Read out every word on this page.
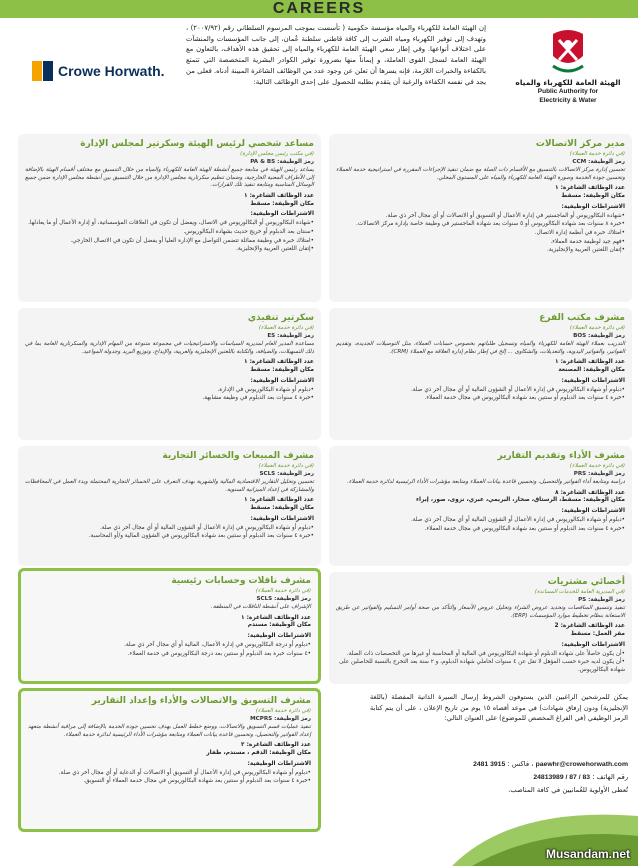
CAREERS
Crowe Horwath.
إن الهيئة العامة للكهرباء والمياه مؤسسة حكومية ( تأسست بموجب المرسوم السلطاني رقم (٢٠٠٧/٩٢) ، وتهدف إلى توفير الكهرباء ومياه الشرب إلى كافة قاطني سلطنة عُمان، إلى جانب المؤسسات والمنشآت على اختلاف أنواعها. وفي إطار سعي الهيئة العامة للكهرباء والمياه إلى تحقيق هذه الأهداف، بالتعاون مع الهيئة العامة لسجل القوى العاملة، و إيماناً منها بضرورة توفير الكوادر البشرية المتخصصة التي تتمتع بالكفاءة والخبرات اللازمة، فإنه يسرها أن تعلن عن وجود عدد من الوظائف الشاغرة المبينة أدناه. فعلى من يجد في نفسه الكفاءة والرغبة أن يتقدم بطلبه للحصول على إحدى الوظائف التالية:	الهيئة العامة للكهرباء والمياه
Public Authority for
Electricity & Water
مدير مركز الاتصالات
(في دائرة خدمة العملاء)
رمز الوظيفة: CCM
تحسين إدارة مركز الاتصالات بالتنسيق مع الأقسام ذات الصلة مع ضمان تنفيذ الإجراءات المقررة في استراتيجية خدمة العملاء وتحسين جودة الخدمة وصورة الهيئة العامة للكهرباء والمياه على المستوى المحلي.
عدد الوظائف الشاغرة: ١
مكان الوظيفة: مسقط
الاشتراطات الوظيفية:
•شهادة البكالوريوس أو الماجستير في إدارة الأعمال أو التسويق أو الاتصالات أو أي مجال آخر ذي صلة.
•خبرة ٨ سنوات بعد شهادة البكالوريوس أو ٥ سنوات بعد شهادة الماجستير في وظيفة خاصة بإدارة مركز الاتصالات.
•امتلاك خبرة في أنظمة إدارة الاتصال.
•فهم جيد لوظيفة خدمة العملاء.
•إتقان اللغتين العربية والإنجليزية.
مساعد شخصي لرئيس الهيئة وسكرتير لمجلس الإدارة
(في مكتب رئيس مجلس الإدارة)
رمز الوظيفة: PA & BS
يساعد رئيس الهيئة في متابعة جميع أنشطة الهيئة العامة للكهرباء والمياه من خلال التنسيق مع مختلف أقسام الهيئة بالإضافة إلى الأطراف المعنية الخارجية، وضمان تنظيم سكرتارية مجلس الإدارة من خلال التنسيق بين أنشطة مجلس الإدارة ضمن جميع الوسائل المناسبة ومتابعة تنفيذ تلك القرارات.
عدد الوظائف الشاغرة: ١
مكان الوظيفة: مسقط
الاشتراطات الوظيفية:
•شهادة البكالوريوس أو البكالوريوس في الاتصال، ويفضل أن تكون في العلاقات المؤسساتية، أو إدارة الأعمال أو ما يعادلها.
•سنتان بعد الدبلوم أو خريج حديث بشهادة البكالوريوس.
•امتلاك خبرة في وظيفة مماثلة تتضمن التواصل مع الإدارة العليا أو يفضل أن تكون في الاتصال الخارجي.
•إتقان اللغتين العربية والإنجليزية.
مشرف مكتب الفرع
(في دائرة خدمة العملاء)
رمز الوظيفة: BOS
التدريب بعملاء الهيئة العامة للكهرباء والمياه وتسجيل طلباتهم بخصوص حسابات العملاء، مثل التوصيلات الجديدة، وتقديم الفواتير، والفواتير اليدوية، والتعديلات، والشكاوى ... إلخ في إطار نظام إدارة العلاقة مع العملاء (CRM).
عدد الوظائف الشاغرة: ١
مكان الوظيفة: المصنعة
الاشتراطات الوظيفية:
•دبلوم أو شهادة البكالوريوس في إدارة الأعمال أو الشؤون المالية أو أي مجال آخر ذي صلة.
•خبرة ٤ سنوات بعد الدبلوم أو سنتين بعد شهادة البكالوريوس في مجال خدمة العملاء.
سكرتير تنفيذي
(في دائرة خدمة العملاء)
رمز الوظيفة: ES
مساعدة المدير العام لمديرية السياسات والاستراتيجيات في مجموعة متنوعة من المهام الإدارية والسكرتارية العامة بما في ذلك التسهيلات، والضيافة، والكتابة باللغتين الإنجليزية والعربية، والإيداع، وتوزيع البريد وجدولة المواعيد.
عدد الوظائف الشاغرة: ١
مكان الوظيفة: مسقط
الاشتراطات الوظيفية:
•دبلوم أو شهادة البكالوريوس في الإدارة.
•خبرة ٤ سنوات بعد الدبلوم في وظيفة مشابهة.
مشرف الأداء وتقديم التقارير
(في دائرة خدمة العملاء)
رمز الوظيفة: PRS
دراسة ومتابعة أداء الفواتير والتحصيل، وتحسين قاعدة بيانات العملاء ومتابعة مؤشرات الأداء الرئيسية لدائرة خدمة العملاء.
عدد الوظائف الشاغرة: ٨
مكان الوظيفة: مسقط، الرستاق، صحار، البريمي، عبري، نزوى، صور، إبراء
الاشتراطات الوظيفية:
•دبلوم أو شهادة البكالوريوس في إدارة الأعمال أو الشؤون المالية أو أي مجال آخر ذي صلة.
•خبرة ٤ سنوات بعد الدبلوم أو سنتين بعد شهادة البكالوريوس في مجال خدمة العملاء.
مشرف المبيعات والخسائر التجارية
(في دائرة خدمة العملاء)
رمز الوظيفة: SCLS
تحسين وتحليل التقارير الاقتصادية المالية والشهرية بهدف التعرف على الخسائر التجارية المحتملة وبدء العمل في المحافظات والمشاركة في إعداد الميزانية السنوية.
عدد الوظائف الشاغرة: ١
مكان الوظيفة: مسقط
الاشتراطات الوظيفية:
•دبلوم أو شهادة البكالوريوس في إدارة الأعمال أو الشؤون المالية أو أي مجال آخر ذي صلة.
•خبرة ٤ سنوات بعد الدبلوم أو سنتين بعد شهادة البكالوريوس في الشؤون المالية و/أو المحاسبة.
أخصائي مشتريات
(في المديرية العامة للخدمات المساندة)
رمز الوظيفة: PS
تنفيذ وتنسيق المناقصات وتحديد عروض الشراء وتحليل عروض الأسعار والتأكد من صحة أوامر التسليم والفواتير عن طريق الاستعانة بنظام تخطيط موارد المؤسسات (ERP).
عدد الوظائف الشاغرة: 2
مقر العمل: مسقط
الاشتراطات الوظيفية:
•أن يكون حاصلاً على شهادة الدبلوم أو شهادة البكالوريوس في المالية أو المحاسبة أو غيرها من التخصصات ذات الصلة.
•أن يكون لديه خبرة حسب المؤهل لا تقل عن ٤ سنوات لحاملي شهادة الدبلوم، و ٢ سنة بعد التخرج بالنسبة للحاصلين على شهادة البكالوريوس.
مشرف ناقلات وحسابات رئيسية
(في دائرة خدمة العملاء)
رمز الوظيفة: SCLS
الإشراف على أنشطة الناقلات في المنطقة.
عدد الوظائف الشاغرة: ١
مكان الوظيفة: مسندم
الاشتراطات الوظيفية:
•دبلوم أو درجة البكالوريوس في إدارة الأعمال، المالية أو أي مجال آخر ذي صلة.
•٤ سنوات خبرة بعد الدبلوم أو سنتين بعد درجة البكالوريوس في خدمة العملاء.
مشرف التسويق والاتصالات والأداء وإعداد التقارير
(في دائرة خدمة العملاء)
رمز الوظيفة: MCPRS
تنفيذ عمليات قسم التسويق والاتصالات، ووضع خطط العمل بهدف تحسين جودة الخدمة بالإضافة إلى مراقبة أنشطة متعهد إعداد الفواتير والتحصيل، وتحسين قاعدة بيانات العملاء ومتابعة مؤشرات الأداء الرئيسية لدائرة خدمة العملاء.
عدد الوظائف الشاغرة: ٢
مكان الوظيفة: الدقم ، مسندم، ظفار
الاشتراطات الوظيفية:
•دبلوم أو شهادة البكالوريوس في إدارة الأعمال أو التسويق أو الاتصالات أو الدعاية أو أي مجال آخر ذي صلة.
•خبرة ٤ سنوات بعد الدبلوم أو سنتين بعد شهادة البكالوريوس في مجال خدمة العملاء أو التسويق.
يمكن للمرشحين الراغبين الذين يستوفون الشروط إرسال السيرة الذاتية المفصلة (باللغة الإنجليزية) ودون إرفاق شهادات) في موعد أقصاه ١٥ يوم من تاريخ الإعلان ، على أن يتم كتابة الرمز الوظيفي (في الفراغ المخصص للموضوع) على العنوان التالي:
paewhr@crowehorwath.com ، فاكس : 2481 3915
رقم الهاتف : 24813989 / 87 / 83
تُعطى الأولوية للعُمانيين في كافة المناصب.
Musandam.net
